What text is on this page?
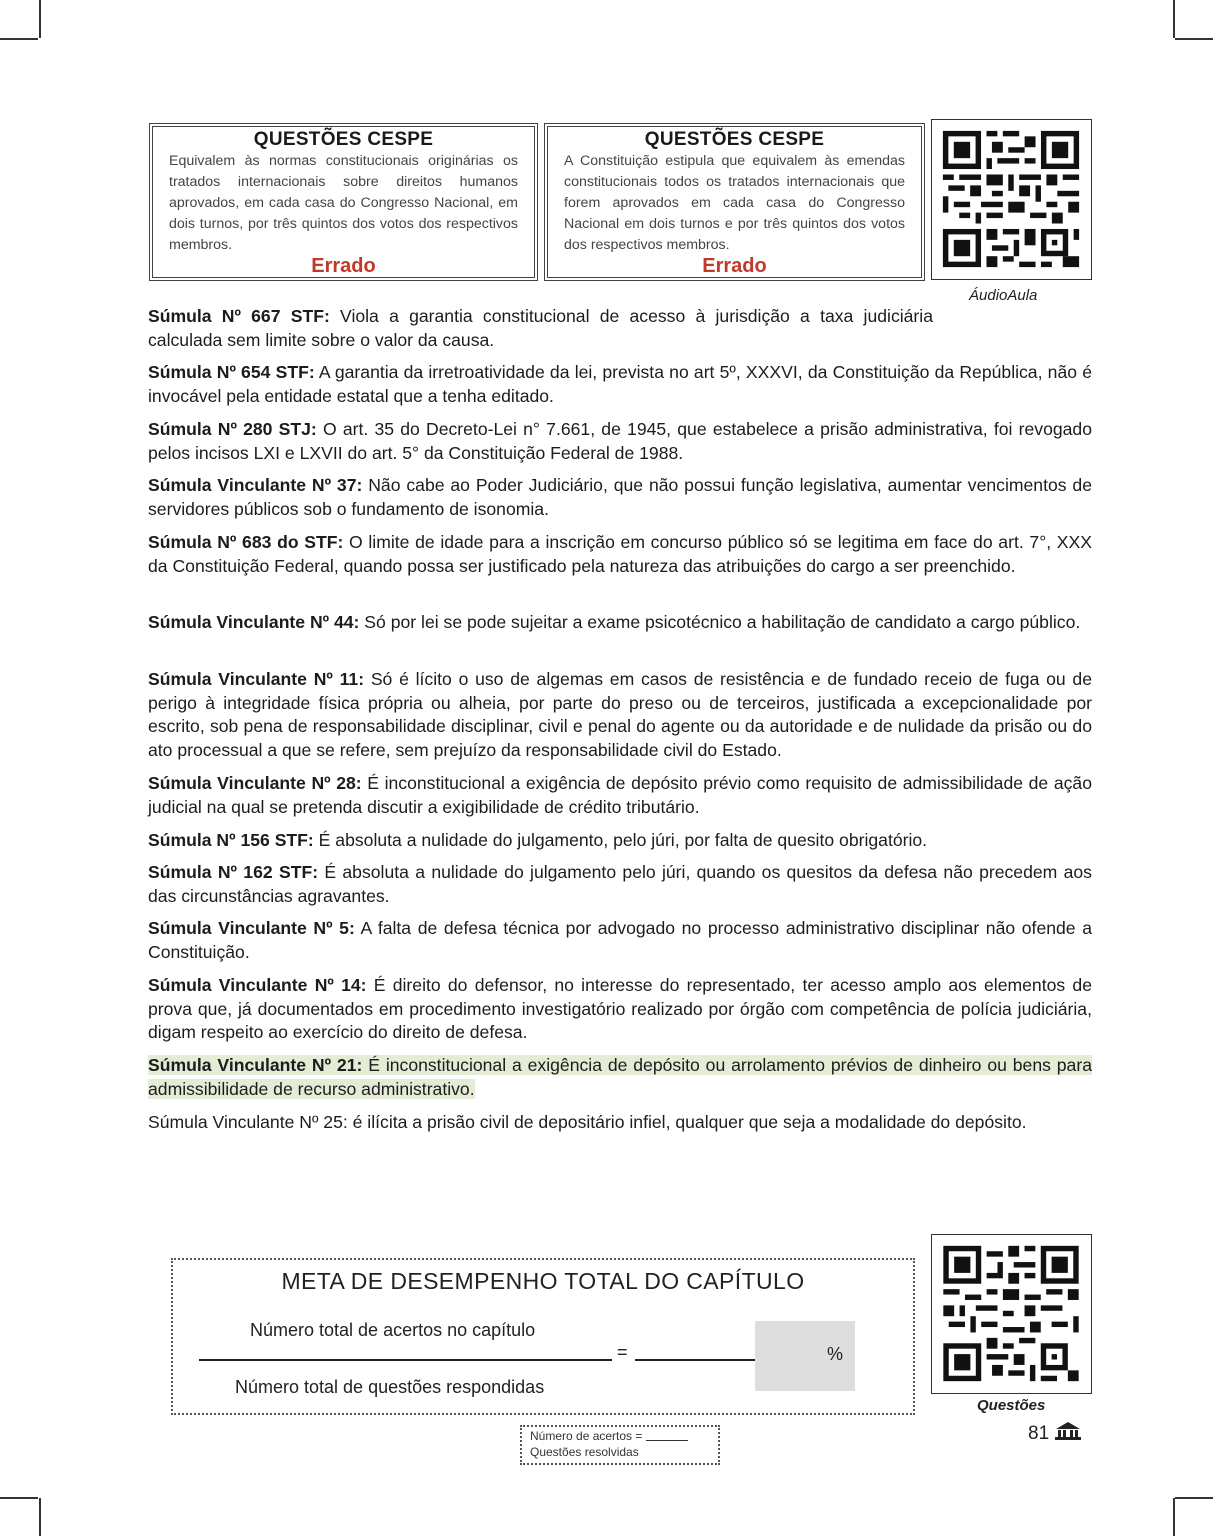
QUESTÕES CESPE
Equivalem às normas constitucionais originárias os tratados internacionais sobre direitos humanos aprovados, em cada casa do Congresso Nacional, em dois turnos, por três quintos dos votos dos respectivos membros.
Errado
QUESTÕES CESPE
A Constituição estipula que equivalem às emendas constitucionais todos os tratados internacionais que forem aprovados em cada casa do Congresso Nacional em dois turnos e por três quintos dos votos dos respectivos membros.
Errado
ÁudioAula
Súmula Nº 667 STF: Viola a garantia constitucional de acesso à jurisdição a taxa judiciária calculada sem limite sobre o valor da causa.
Súmula Nº 654 STF: A garantia da irretroatividade da lei, prevista no art 5º, XXXVI, da Constituição da República, não é invocável pela entidade estatal que a tenha editado.
Súmula Nº 280 STJ: O art. 35 do Decreto-Lei n° 7.661, de 1945, que estabelece a prisão administrativa, foi revogado pelos incisos LXI e LXVII do art. 5° da Constituição Federal de 1988.
Súmula Vinculante Nº 37: Não cabe ao Poder Judiciário, que não possui função legislativa, aumentar vencimentos de servidores públicos sob o fundamento de isonomia.
Súmula Nº 683 do STF: O limite de idade para a inscrição em concurso público só se legitima em face do art. 7°, XXX da Constituição Federal, quando possa ser justificado pela natureza das atribuições do cargo a ser preenchido.
Súmula Vinculante Nº 44: Só por lei se pode sujeitar a exame psicotécnico a habilitação de candidato a cargo público.
Súmula Vinculante Nº 11: Só é lícito o uso de algemas em casos de resistência e de fundado receio de fuga ou de perigo à integridade física própria ou alheia, por parte do preso ou de terceiros, justificada a excepcionalidade por escrito, sob pena de responsabilidade disciplinar, civil e penal do agente ou da autoridade e de nulidade da prisão ou do ato processual a que se refere, sem prejuízo da responsabilidade civil do Estado.
Súmula Vinculante Nº 28: É inconstitucional a exigência de depósito prévio como requisito de admissibilidade de ação judicial na qual se pretenda discutir a exigibilidade de crédito tributário.
Súmula Nº 156 STF: É absoluta a nulidade do julgamento, pelo júri, por falta de quesito obrigatório.
Súmula Nº 162 STF: É absoluta a nulidade do julgamento pelo júri, quando os quesitos da defesa não precedem aos das circunstâncias agravantes.
Súmula Vinculante Nº 5: A falta de defesa técnica por advogado no processo administrativo disciplinar não ofende a Constituição.
Súmula Vinculante Nº 14: É direito do defensor, no interesse do representado, ter acesso amplo aos elementos de prova que, já documentados em procedimento investigatório realizado por órgão com competência de polícia judiciária, digam respeito ao exercício do direito de defesa.
Súmula Vinculante Nº 21: É inconstitucional a exigência de depósito ou arrolamento prévios de dinheiro ou bens para admissibilidade de recurso administrativo.
Súmula Vinculante Nº 25: é ilícita a prisão civil de depositário infiel, qualquer que seja a modalidade do depósito.
META DE DESEMPENHO TOTAL DO CAPÍTULO
Número total de acertos no capítulo
=	%
Número total de questões respondidas
Questões
Número de acertos =
Questões resolvidas
81
